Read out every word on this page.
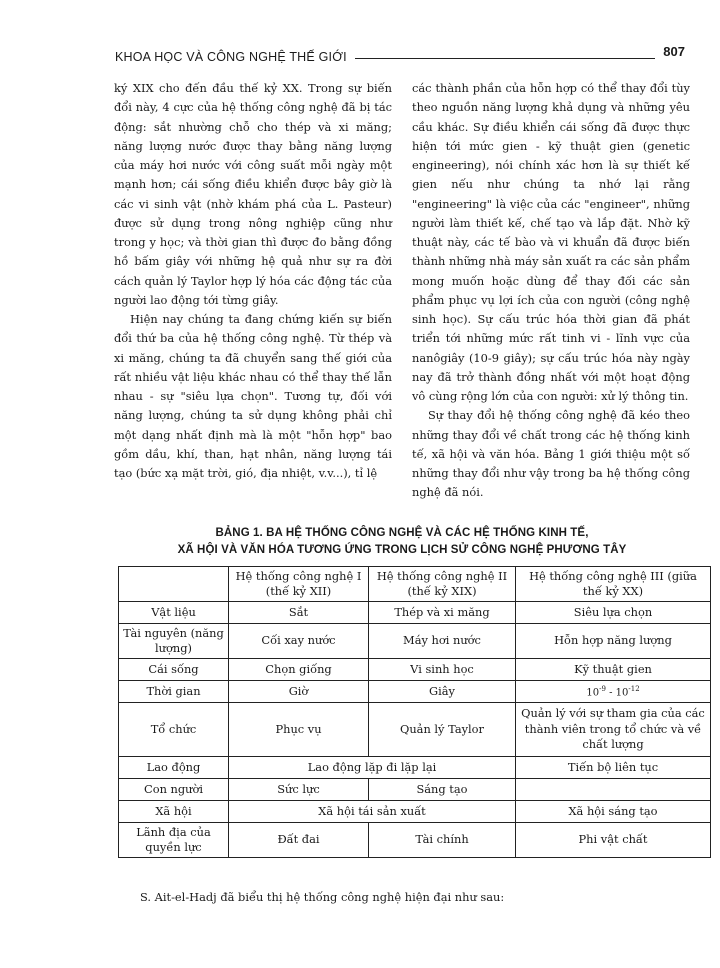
KHOA HỌC VÀ CÔNG NGHỆ THẾ GIỚI	807

ký XIX cho đến đầu thế kỷ XX. Trong sự biến đổi này, 4 cực của hệ thống công nghệ đã bị tác động: sắt nhường chỗ cho thép và xi măng; năng lượng nước được thay bằng năng lượng của máy hơi nước với công suất mỗi ngày một mạnh hơn; cái sống điều khiển được bây giờ là các vi sinh vật (nhờ khám phá của L. Pasteur) được sử dụng trong nông nghiệp cũng như trong y học; và thời gian thì được đo bằng đồng hồ bấm giây với những hệ quả như sự ra đời cách quản lý Taylor hợp lý hóa các động tác của người lao động tới từng giây.

Hiện nay chúng ta đang chứng kiến sự biến đổi thứ ba của hệ thống công nghệ. Từ thép và xi măng, chúng ta đã chuyển sang thế giới của rất nhiều vật liệu khác nhau có thể thay thế lẫn nhau - sự "siêu lựa chọn". Tương tự, đối với năng lượng, chúng ta sử dụng không phải chỉ một dạng nhất định mà là một "hỗn hợp" bao gồm dầu, khí, than, hạt nhân, năng lượng tái tạo (bức xạ mặt trời, gió, địa nhiệt, v.v...), tỉ lệ

các thành phần của hỗn hợp có thể thay đổi tùy theo nguồn năng lượng khả dụng và những yêu cầu khác. Sự điều khiển cái sống đã được thực hiện tới mức gien - kỹ thuật gien (genetic engineering), nói chính xác hơn là sự thiết kế gien nếu như chúng ta nhớ lại rằng "engineering" là việc của các "engineer", những người làm thiết kế, chế tạo và lắp đặt. Nhờ kỹ thuật này, các tế bào và vi khuẩn đã được biến thành những nhà máy sản xuất ra các sản phẩm mong muốn hoặc dùng để thay đối các sản phẩm phục vụ lợi ích của con người (công nghệ sinh học). Sự cấu trúc hóa thời gian đã phát triển tới những mức rất tinh vi - lĩnh vực của nanôgiây (10-9 giây); sự cấu trúc hóa này ngày nay đã trở thành đồng nhất với một hoạt động vô cùng rộng lớn của con người: xử lý thông tin.

Sự thay đổi hệ thống công nghệ đã kéo theo những thay đổi về chất trong các hệ thống kinh tế, xã hội và văn hóa. Bảng 1 giới thiệu một số những thay đổi như vậy trong ba hệ thống công nghệ đã nói.

BẢNG 1. BA HỆ THỐNG CÔNG NGHỆ VÀ CÁC HỆ THỐNG KINH TẾ,
XÃ HỘI VÀ VĂN HÓA TƯƠNG ỨNG TRONG LỊCH SỬ CÔNG NGHỆ PHƯƠNG TÂY
	Hệ thống công nghệ I (thế kỷ XII)	Hệ thống công nghệ II (thế kỷ XIX)	Hệ thống công nghệ III (giữa thế kỷ XX)
Vật liệu	Sắt	Thép và xi măng	Siêu lựa chọn
Tài nguyên (năng lượng)	Cối xay nước	Máy hơi nước	Hỗn hợp năng lượng
Cái sống	Chọn giống	Vi sinh học	Kỹ thuật gien
Thời gian	Giờ	Giây	$10^{-9} - 10^{-12}$
Tổ chức	Phục vụ	Quản lý Taylor	Quản lý với sự tham gia của các thành viên trong tổ chức và về chất lượng
Lao động	Lao động lặp đi lặp lại		Tiến bộ liên tục
Con người	Sức lực	Sáng tạo	
Xã hội	Xã hội tái sản xuất		Xã hội sáng tạo
Lãnh địa của quyền lực	Đất đai	Tài chính	Phi vật chất
S. Ait-el-Hadj đã biểu thị hệ thống công nghệ hiện đại như sau:
